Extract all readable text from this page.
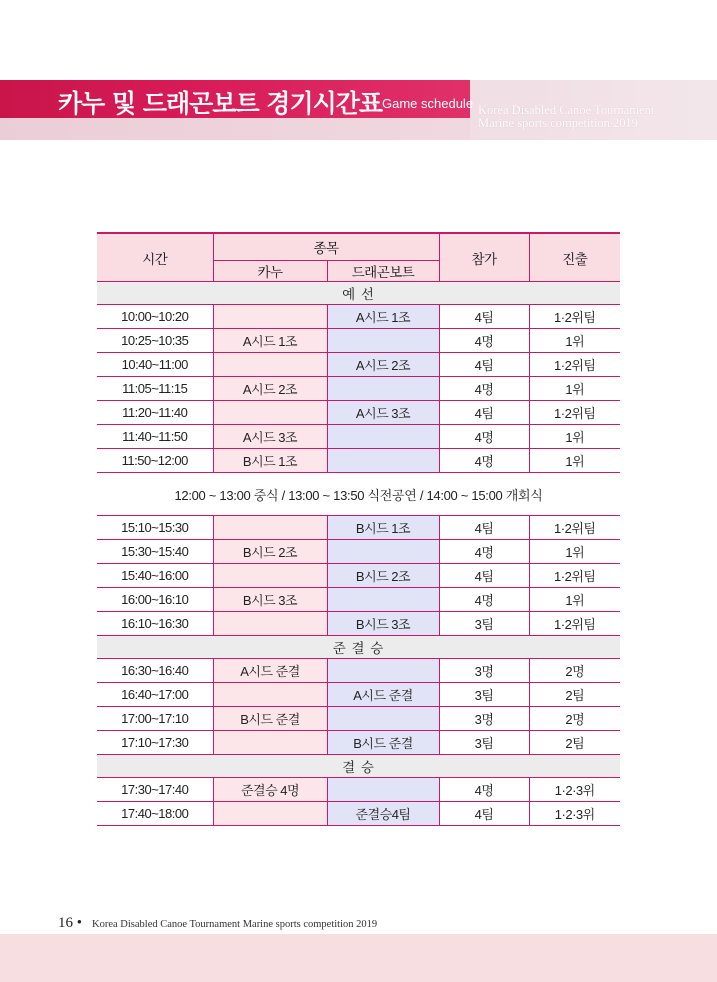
카누 및 드래곤보트 경기시간표 Game schedule Korea Disabled Canoe Tournament
Marine sports competition 2019
시간	종목		참가	진출
	카누	드래곤보트		
예 선				
10:00~10:20		A시드 1조	4팀	1·2위팀
10:25~10:35	A시드 1조		4명	1위
10:40~11:00		A시드 2조	4팀	1·2위팀
11:05~11:15	A시드 2조		4명	1위
11:20~11:40		A시드 3조	4팀	1·2위팀
11:40~11:50	A시드 3조		4명	1위
11:50~12:00	B시드 1조		4명	1위
12:00 ~ 13:00 중식 / 13:00 ~ 13:50 식전공연 / 14:00 ~ 15:00 개회식				
15:10~15:30		B시드 1조	4팀	1·2위팀
15:30~15:40	B시드 2조		4명	1위
15:40~16:00		B시드 2조	4팀	1·2위팀
16:00~16:10	B시드 3조		4명	1위
16:10~16:30		B시드 3조	3팀	1·2위팀
준 결 승				
16:30~16:40	A시드 준결		3명	2명
16:40~17:00		A시드 준결	3팀	2팀
17:00~17:10	B시드 준결		3명	2명
17:10~17:30		B시드 준결	3팀	2팀
결 승				
17:30~17:40	준결승 4명		4명	1·2·3위
17:40~18:00		준결승4팀	4팀	1·2·3위
16 • Korea Disabled Canoe Tournament Marine sports competition 2019
